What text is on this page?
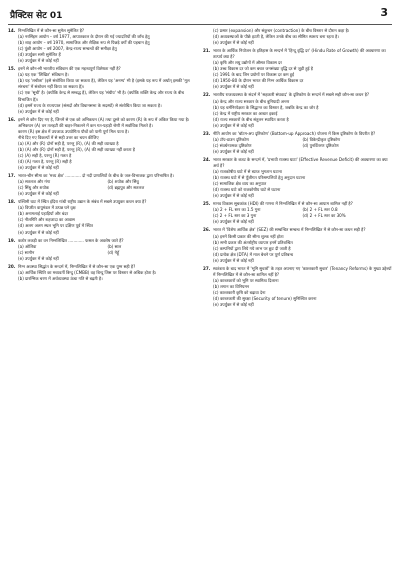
प्रैक्टिस सेट 01	3
14. निम्नलिखित में से कौन-सा सुमेल सुमेलित है?
(a) नरसिंहम आयोग – वर्ष 1977, आपातकाल के दौरान की गई ज्यादतियों की जाँच हेतु
(b) शाह आयोग – वर्ष 1970, सामाजिक और शैक्षिक रूप से पिछड़े वर्गों की पहचान हेतु
(c) पुंछी आयोग – वर्ष 2007, केन्द्र-राज्य सम्बन्धों की समीक्षा हेतु
(d) उपर्युक्त सभी सुमेलित हैं
(e) उपर्युक्त में से कोई नहीं
15. इनमें से कौन-सी भारतीय संविधान की एक महत्त्वपूर्ण विशेषता नहीं है?
(a) यह एक 'लिखित' संविधान है।
(b) यह 'लचीला' (इसे संशोधित किया जा सकता है), लेकिन यह 'अनम्य' भी है (इसके यह रूप में अर्थात् इसकी 'मूल संरचना' में संशोधन नहीं किया जा सकता है)।
(c) एक 'सूची' है। (क्योंकि केन्द्र से सम्बद्ध है), लेकिन यह 'संघीय' भी है। (क्योंकि शक्ति केन्द्र और राज्य के बीच विभाजित है)।
(d) इसमें राज्य के राज्यपाल (संसदों और विधानसभा के सदस्यों) से संशोधित किया जा सकता है।
(e) उपर्युक्त में से कोई नहीं
16. इनमें से कौन दिए गए है, जिनमें से एक को अभिकथन (A) तथा दूसरे को कारण (R) के रूप में अंकित किया गया है।
अभिकथन (A) वन तलहटी की बाहर-निकलने में कम गत-पहाड़ी श्रेणी में सर्वाधिक मिलते है।
कारण (R) इस क्षेत्र में उपजाऊ उपयोगिता पौधों को पानी पूर्ण मिल पाता है।
नीचे दिए गए विकल्पों में से सही उत्तर का चयन कीजिए
(a) (A) और (R) दोनों सही हैं, परन्तु (R), (A) की सही व्याख्या है
(b) (A) और (R) दोनों सही हैं, परन्तु (R), (A) की सही व्याख्या नहीं करता है
(c) (A) सही है, परन्तु (R) गलत है
(d) (A) गलत है, परन्तु (R) सही है
(e) उपर्युक्त में से कोई नहीं
17. भारत-चीन सीमा का 'मध्य क्षेत्र' ............ दो नदी प्रणालियों के बीच के जल-विभाजक द्वारा परिभाषित है।
(a) सतलज और गंगा	(b) शयोक और सिंधु
(c) सिंधु और शयोक	(d) ब्रह्मपुत्र और सतलज
(e) उपर्युक्त में से कोई नहीं
18. पश्चिमी घाट में स्थित इंदिरा गांधी राष्ट्रीय उद्यान के संबंध में सबसे उपयुक्त कथन क्या है?
(a) विपरीत वायुमंडल में उत्पन्न घने वृक्ष
(b) अनामलाई पहाड़ियाँ और बंदर
(c) नीलगिरि और शहजादा का आवास
(d) अलग अलग स्थल भूमि पर दक्षिण पूर्व में स्थित
(e) उपर्युक्त में से कोई नहीं
19. कठोर लकड़ी का वन निम्नलिखित ............ फसल के अवशेष जाते हैं?
(a) ओलिवा	(b) साल
(c) सागौन	(d) गेहूँ
(e) उपर्युक्त में से कोई नहीं
20. निम्न अवस्था सिद्धांत के सन्दर्भ में, निम्नलिखित में से कौन-सा एक युग्म सही है?
(a) आर्थिक स्थिति का मध्यवर्ती बिन्दु (CMBB) वह बिन्दु जिस पर विस्तार से अधिक होता है।
(b) प्रारम्भिक चरण में अर्थव्यवस्था ऊंचा गति से बढ़ती है।
(c) प्रसार (expansion) और संकुचन (contraction) के बीच विस्तार से दौरान कहा है।
(d) अव्यवस्थाओं के पीछे हटती है, लेकिन उनके बीच का सीमित स्वरूप बना रहता है।
(e) उपर्युक्त में से कोई नहीं
21. भारत के आर्थिक नियोजन के इतिहास के सन्दर्भ में 'हिन्दू वृद्धि दर' (Hindu Rate of Growth) की अवधारणा का तात्पर्य क्या है?
(a) कृषि और लघु उद्योगों में औसत विकास दर
(b) उच्च विकास दर जो कम बचत जनसंख्या वृद्धि दर से जुड़ी हुई है
(c) 1991 के बाद जिन प्रयोगों पर विकास दर कम हुई
(d) 1950-80 के दौरान भारत की निम्न आर्थिक विकास दर
(e) उपर्युक्त में से कोई नहीं
22. भारतीय राजव्यवस्था के संदर्भ में 'सहकारी संघवाद' के दृष्टिकोण के सन्दर्भ में सबसे सही कौन-सा कथन है?
(a) केन्द्र और राज्य सरकार के बीच बुनियादी अन्तर
(b) यह धर्मनिरपेक्षता के सिद्धान्त का विस्तार है, जबकि केन्द्र का जोर है
(c) केन्द्र में राष्ट्रीय सरकार का आधार इकाई
(d) राज्य सरकारों के बीच संतुलन स्थापित करता है
(e) उपर्युक्त में से कोई नहीं
23. नीति आयोग का 'बॉटम-अप दृष्टिकोण' (Bottom-up Approach) योजना में किस दृष्टिकोण के विपरीत है?
(a) टॉप-डाउन दृष्टिकोण	(b) विकेन्द्रीकृत दृष्टिकोण
(c) संवर्धनात्मक दृष्टिकोण	(d) पुनर्वितरण दृष्टिकोण
(e) उपर्युक्त में से कोई नहीं
24. भारत सरकार के बजट के सन्दर्भ में, 'प्रभावी राजस्व घाटा' (Effective Revenue Deficit) की अवधारणा का क्या अर्थ है?
(a) राजकोषीय घाटे में से ब्याज भुगतान घटाना
(b) राजस्व घाटे में से पूँजीगत परिसम्पत्तियों हेतु अनुदान घटाना
(c) सामाजिक क्षेत्र व्यय का अनुपात
(d) राजस्व घाटे को राजकोषीय घाटे से घटाना
(e) उपर्युक्त में से कोई नहीं
25. मानव विकास सूचकांक (HDI) की गणना में निम्नलिखित में से कौन-सा आयाम शामिल नहीं है?
(a) 2 + FL स्तर का 1.5 गुना	(b) 2 + FL स्तर 0.8
(c) 2 + FL स्तर का 3 गुना	(d) 2 + FL स्तर का 30%
(e) उपर्युक्त में से कोई नहीं
26. भारत में 'विशेष आर्थिक क्षेत्र' (SEZ) की सम्बन्धित सम्बन्ध में निम्नलिखित में से कौन-सा कथन सही है?
(a) इनमें किसी प्रकार की सीमा शुल्क नहीं होता
(b) सभी प्रकार की अंतर्राष्ट्रीय व्यापार इनमें प्रतिबन्धित
(c) कम्पनियों द्वारा लिये गये लाभ पर छूट दी जाती है
(d) प्रत्येक क्षेत्र (DTA) में माल बेचने पर पूर्ण प्रतिबन्ध
(e) उपर्युक्त में से कोई नहीं
27. स्वतंत्रता के बाद भारत में 'भूमि सुधारों' के तहत अपनाए गए 'काश्तकारी सुधार' (Tenancy Reforms) के मुख्य उद्देश्यों में निम्नलिखित में से कौन-सा शामिल नहीं है?
(a) काश्तकारों को भूमि पर स्वामित्व दिलाना
(b) लगान का विनियमन
(c) काश्तकारी कृषि को बढ़ावा देना
(d) काश्तकारी की सुरक्षा (Security of tenure) सुनिश्चित करना
(e) उपर्युक्त में से कोई नहीं
